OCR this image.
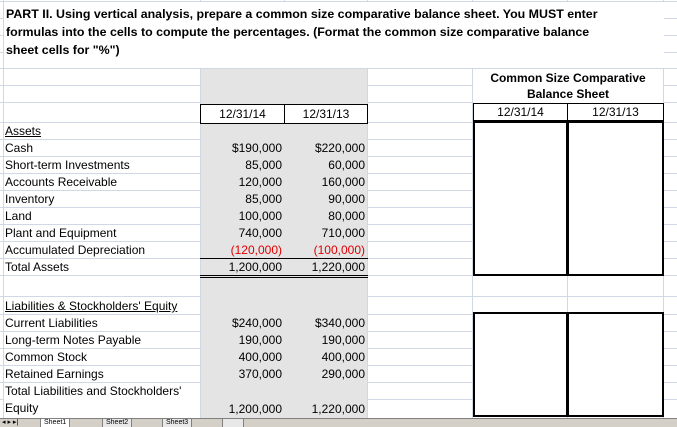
PART II. Using vertical analysis, prepare a common size comparative balance sheet. You MUST enter
formulas into the cells to compute the percentages. (Format the common size comparative balance
sheet cells for "%")
Common Size Comparative
Balance Sheet
12/31/14	12/31/13	12/31/14	12/31/13
Assets
Cash	$190,000	$220,000
Short-term Investments	85,000	60,000
Accounts Receivable	120,000	160,000
Inventory	85,000	90,000
Land	100,000	80,000
Plant and Equipment	740,000	710,000
Accumulated Depreciation	(120,000)	(100,000)
Total Assets	1,200,000	1,220,000
Liabilities & Stockholders' Equity
Current Liabilities	$240,000	$340,000
Long-term Notes Payable	190,000	190,000
Common Stock	400,000	400,000
Retained Earnings	370,000	290,000
Total Liabilities and Stockholders'
Equity	1,200,000	1,220,000
◂ ▸ ▸|	Sheet1	Sheet2	Sheet3
